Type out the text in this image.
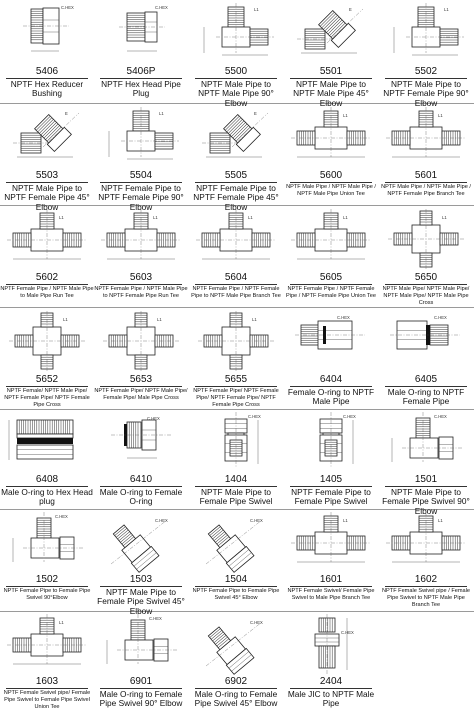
C.HEX
5406
NPTF Hex Reducer Bushing
C.HEX
5406P
NPTF Hex Head Pipe Plug
L1
5500
NPTF Male Pipe to NPTF Male Pipe 90° Elbow
E
5501
NPTF Male Pipe to NPTF Male Pipe 45° Elbow
L1
5502
NPTF Male Pipe to NPTF Female Pipe 90° Elbow
E
5503
NPTF Male Pipe to NPTF Female Pipe 45° Elbow
L1
5504
NPTF Female Pipe to NPTF Female Pipe 90° Elbow
E
5505
NPTF Female Pipe to NPTF Female Pipe 45° Elbow
L1
5600
NPTF Male Pipe / NPTF Male Pipe / NPTF Male Pipe Union Tee
L1
5601
NPTF Male Pipe / NPTF Male Pipe / NPTF Female Pipe Branch Tee
L1
5602
NPTF Female Pipe / NPTF Male Pipe to Male Pipe Run Tee
L1
5603
NPTF Female Pipe / NPTF Male Pipe to NPTF Female Pipe Run Tee
L1
5604
NPTF Female Pipe / NPTF Female Pipe to NPTF Male Pipe Branch Tee
L1
5605
NPTF Female Pipe / NPTF Female Pipe / NPTF Female Pipe Union Tee
L1
5650
NPTF Male Pipe/ NPTF Male Pipe/ NPTF Male Pipe/ NPTF Male Pipe Cross
L1
5652
NPTF Female/ NPTF Male Pipe/ NPTF Female Pipe/ NPTF Female Pipe Cross
L1
5653
NPTF Female Pipe/ NPTF Male Pipe/ Female Pipe/ Male Pipe Cross
L1
5655
NPTF Female Pipe/ NPTF Female Pipe/ NPTF Female Pipe/ NPTF Female Pipe Cross
C.HEX
6404
Female O-ring to NPTF Male Pipe
C.HEX
6405
Male O-ring to NPTF Female Pipe
6408
Male O-ring to Hex Head plug
C.HEX
6410
Male O-ring to Female O-ring
C.HEX
1404
NPTF Male Pipe to Female Pipe Swivel
C.HEX
1405
NPTF Female Pipe to Female Pipe Swivel
C.HEX
1501
NPTF Male Pipe to Female Pipe Swivel 90° Elbow
C.HEX
1502
NPTF Female Pipe to Female Pipe Swivel 90°Elbow
C.HEX
1503
NPTF Male Pipe to Female Pipe Swivel 45° Elbow
C.HEX
1504
NPTF Female Pipe to Female Pipe Swivel 45° Elbow
L1
1601
NPTF Female Swivel/ Female Pipe Swivel to Male Pipe Branch Tee
L1
1602
NPTF Female Swivel pipe / Female Pipe Swivel to NPTF Male Pipe Branch Tee
L1
1603
NPTF Female Swivel pipe/ Female Pipe Swivel to Female Pipe Swivel Union Tee
C.HEX
6901
Male O-ring to Female Pipe Swivel 90° Elbow
C.HEX
6902
Male O-ring to Female Pipe Swivel 45° Elbow
C.HEX
2404
Male JIC to NPTF Male Pipe
